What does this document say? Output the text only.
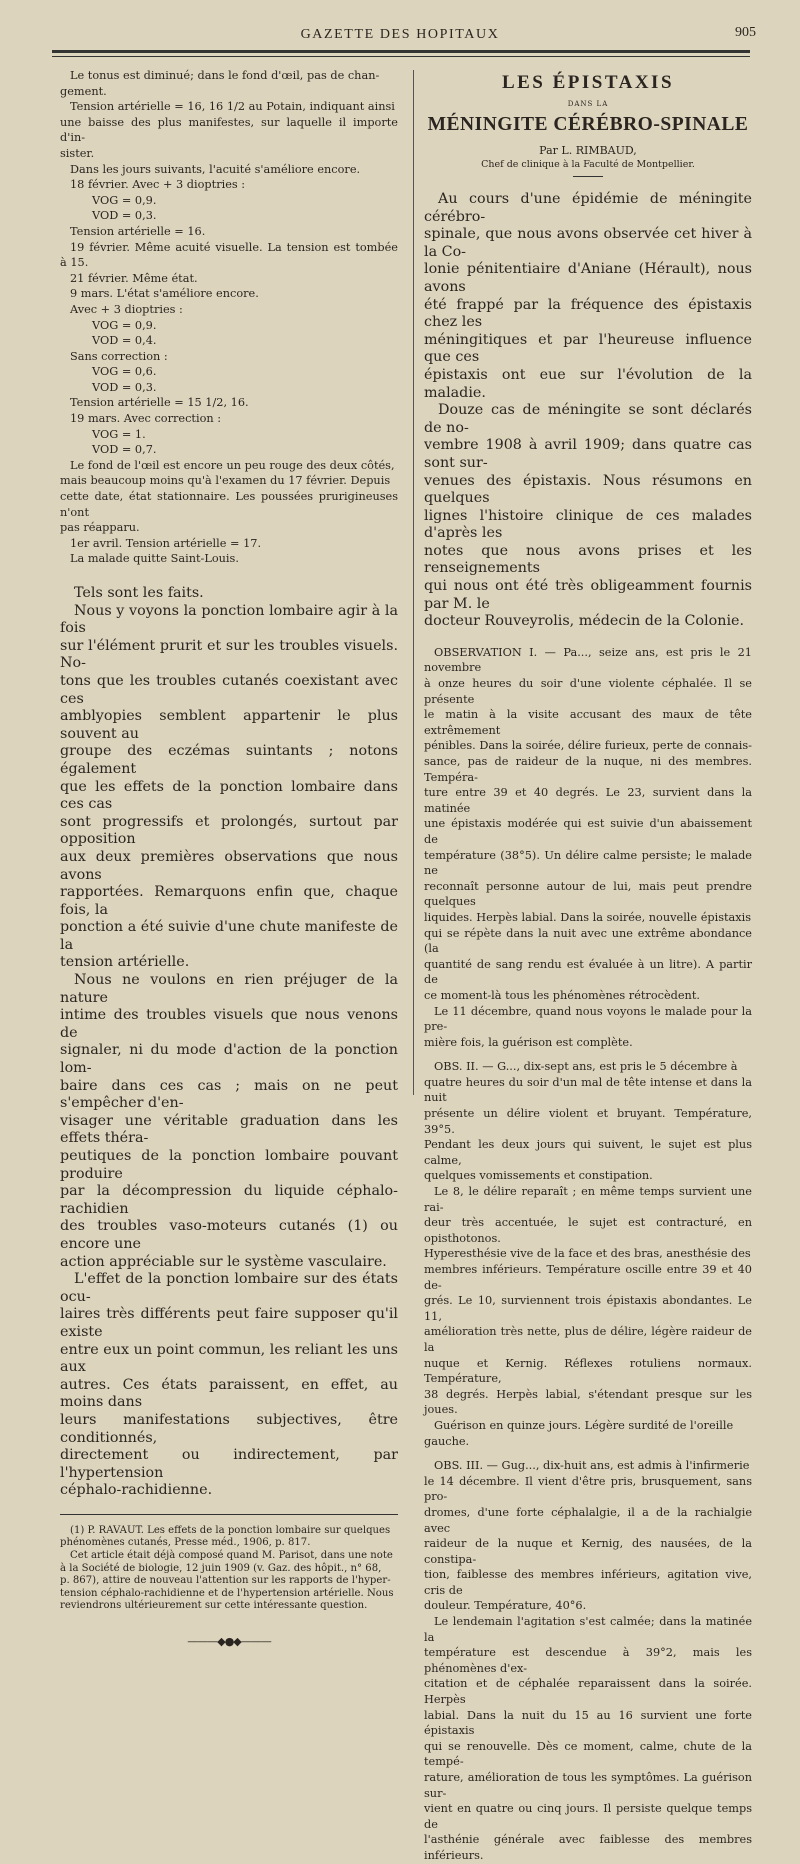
GAZETTE DES HOPITAUX	905

Le tonus est diminué; dans le fond d'œil, pas de chan-

gement.

Tension artérielle = 16, 16 1/2 au Potain, indiquant ainsi

une baisse des plus manifestes, sur laquelle il importe d'in-

sister.

Dans les jours suivants, l'acuité s'améliore encore.

18 février. Avec + 3 dioptries :

VOG = 0,9.

VOD = 0,3.

Tension artérielle = 16.

19 février. Même acuité visuelle. La tension est tombée à 15.

21 février. Même état.

9 mars. L'état s'améliore encore.

Avec + 3 dioptries :

VOG = 0,9.

VOD = 0,4.

Sans correction :

VOG = 0,6.

VOD = 0,3.

Tension artérielle = 15 1/2, 16.

19 mars. Avec correction :

VOG = 1.

VOD = 0,7.

Le fond de l'œil est encore un peu rouge des deux côtés,

mais beaucoup moins qu'à l'examen du 17 février. Depuis

cette date, état stationnaire. Les poussées prurigineuses n'ont

pas réapparu.

1er avril. Tension artérielle = 17.

La malade quitte Saint-Louis.

Tels sont les faits.

Nous y voyons la ponction lombaire agir à la fois

sur l'élément prurit et sur les troubles visuels. No-

tons que les troubles cutanés coexistant avec ces

amblyopies semblent appartenir le plus souvent au

groupe des eczémas suintants ; notons également

que les effets de la ponction lombaire dans ces cas

sont progressifs et prolongés, surtout par opposition

aux deux premières observations que nous avons

rapportées. Remarquons enfin que, chaque fois, la

ponction a été suivie d'une chute manifeste de la

tension artérielle.

Nous ne voulons en rien préjuger de la nature

intime des troubles visuels que nous venons de

signaler, ni du mode d'action de la ponction lom-

baire dans ces cas ; mais on ne peut s'empêcher d'en-

visager une véritable graduation dans les effets théra-

peutiques de la ponction lombaire pouvant produire

par la décompression du liquide céphalo-rachidien

des troubles vaso-moteurs cutanés (1) ou encore une

action appréciable sur le système vasculaire.

L'effet de la ponction lombaire sur des états ocu-

laires très différents peut faire supposer qu'il existe

entre eux un point commun, les reliant les uns aux

autres. Ces états paraissent, en effet, au moins dans

leurs manifestations subjectives, être conditionnés,

directement ou indirectement, par l'hypertension

céphalo-rachidienne.

(1) P. RAVAUT. Les effets de la ponction lombaire sur quelques

phénomènes cutanés, Presse méd., 1906, p. 817.

Cet article était déjà composé quand M. Parisot, dans une note

à la Société de biologie, 12 juin 1909 (v. Gaz. des hôpit., n° 68,

p. 867), attire de nouveau l'attention sur les rapports de l'hyper-

tension céphalo-rachidienne et de l'hypertension artérielle. Nous

reviendrons ultérieurement sur cette intéressante question.

———◆●◆———
LES ÉPISTAXIS
DANS LA
MÉNINGITE CÉRÉBRO-SPINALE

Par L. RIMBAUD,

Chef de clinique à la Faculté de Montpellier.

Au cours d'une épidémie de méningite cérébro-

spinale, que nous avons observée cet hiver à la Co-

lonie pénitentiaire d'Aniane (Hérault), nous avons

été frappé par la fréquence des épistaxis chez les

méningitiques et par l'heureuse influence que ces

épistaxis ont eue sur l'évolution de la maladie.

Douze cas de méningite se sont déclarés de no-

vembre 1908 à avril 1909; dans quatre cas sont sur-

venues des épistaxis. Nous résumons en quelques

lignes l'histoire clinique de ces malades d'après les

notes que nous avons prises et les renseignements

qui nous ont été très obligeamment fournis par M. le

docteur Rouveyrolis, médecin de la Colonie.

OBSERVATION I. — Pa..., seize ans, est pris le 21 novembre

à onze heures du soir d'une violente céphalée. Il se présente

le matin à la visite accusant des maux de tête extrêmement

pénibles. Dans la soirée, délire furieux, perte de connais-

sance, pas de raideur de la nuque, ni des membres. Tempéra-

ture entre 39 et 40 degrés. Le 23, survient dans la matinée

une épistaxis modérée qui est suivie d'un abaissement de

température (38°5). Un délire calme persiste; le malade ne

reconnaît personne autour de lui, mais peut prendre quelques

liquides. Herpès labial. Dans la soirée, nouvelle épistaxis

qui se répète dans la nuit avec une extrême abondance (la

quantité de sang rendu est évaluée à un litre). A partir de

ce moment-là tous les phénomènes rétrocèdent.

Le 11 décembre, quand nous voyons le malade pour la pre-

mière fois, la guérison est complète.

OBS. II. — G..., dix-sept ans, est pris le 5 décembre à

quatre heures du soir d'un mal de tête intense et dans la nuit

présente un délire violent et bruyant. Température, 39°5.

Pendant les deux jours qui suivent, le sujet est plus calme,

quelques vomissements et constipation.

Le 8, le délire reparaît ; en même temps survient une rai-

deur très accentuée, le sujet est contracturé, en opisthotonos.

Hyperesthésie vive de la face et des bras, anesthésie des

membres inférieurs. Température oscille entre 39 et 40 de-

grés. Le 10, surviennent trois épistaxis abondantes. Le 11,

amélioration très nette, plus de délire, légère raideur de la

nuque et Kernig. Réflexes rotuliens normaux. Température,

38 degrés. Herpès labial, s'étendant presque sur les joues.

Guérison en quinze jours. Légère surdité de l'oreille

gauche.

OBS. III. — Gug..., dix-huit ans, est admis à l'infirmerie

le 14 décembre. Il vient d'être pris, brusquement, sans pro-

dromes, d'une forte céphalalgie, il a de la rachialgie avec

raideur de la nuque et Kernig, des nausées, de la constipa-

tion, faiblesse des membres inférieurs, agitation vive, cris de

douleur. Température, 40°6.

Le lendemain l'agitation s'est calmée; dans la matinée la

température est descendue à 39°2, mais les phénomènes d'ex-

citation et de céphalée reparaissent dans la soirée. Herpès

labial. Dans la nuit du 15 au 16 survient une forte épistaxis

qui se renouvelle. Dès ce moment, calme, chute de la tempé-

rature, amélioration de tous les symptômes. La guérison sur-

vient en quatre ou cinq jours. Il persiste quelque temps de

l'asthénie générale avec faiblesse des membres inférieurs.
